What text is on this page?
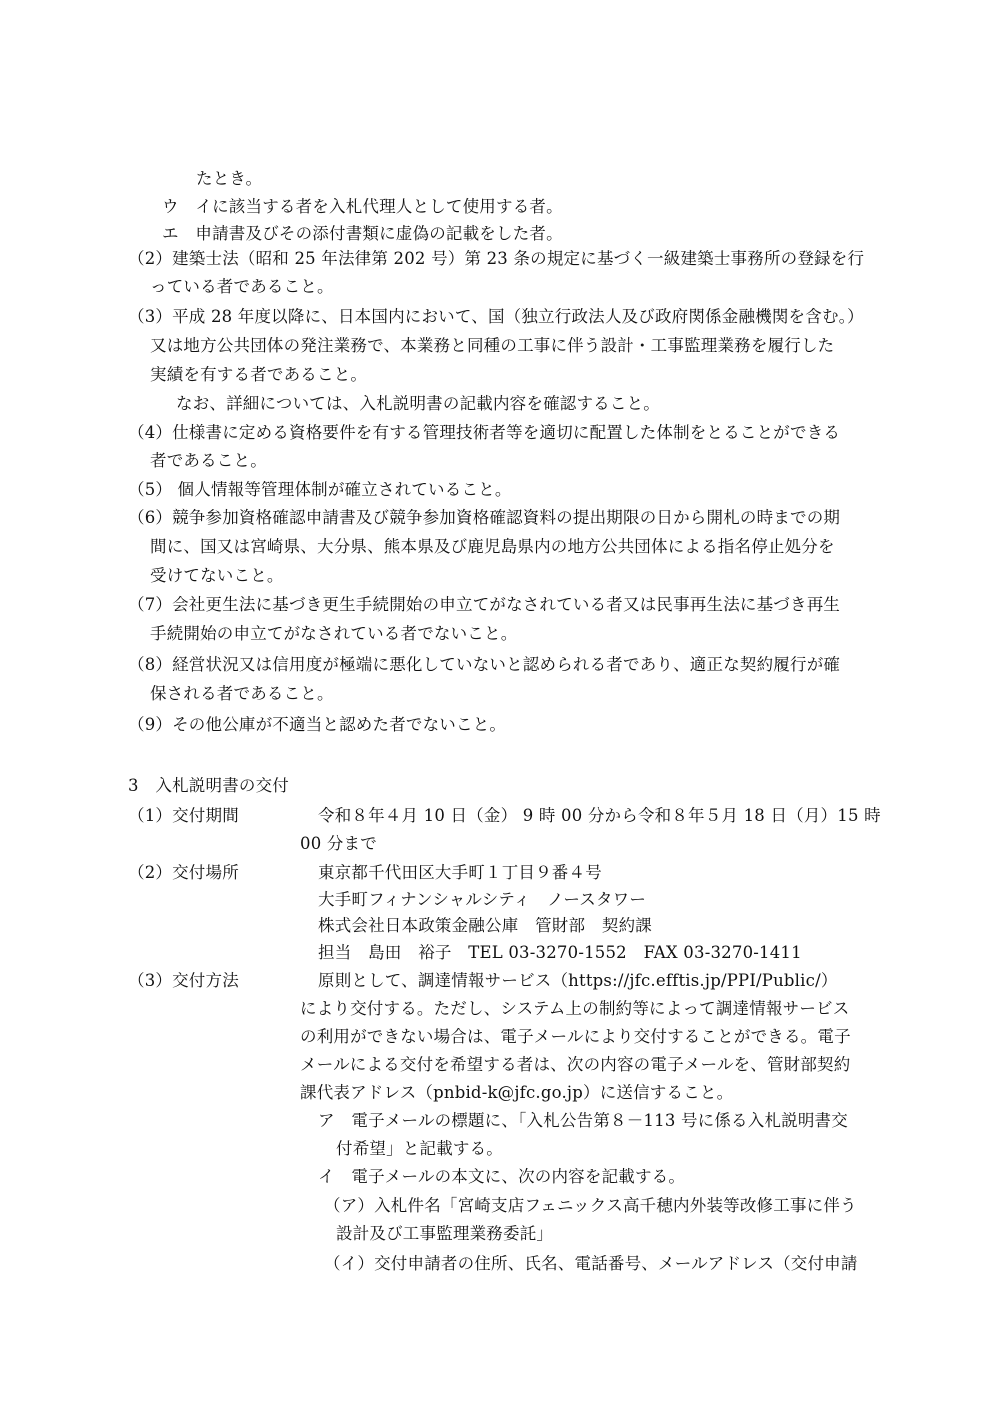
たとき。
ウ　イに該当する者を入札代理人として使用する者。
エ　申請書及びその添付書類に虚偽の記載をした者。
（2）建築士法（昭和 25 年法律第 202 号）第 23 条の規定に基づく一級建築士事務所の登録を行
っている者であること。
（3）平成 28 年度以降に、日本国内において、国（独立行政法人及び政府関係金融機関を含む。）
又は地方公共団体の発注業務で、本業務と同種の工事に伴う設計・工事監理業務を履行した
実績を有する者であること。
なお、詳細については、入札説明書の記載内容を確認すること。
（4）仕様書に定める資格要件を有する管理技術者等を適切に配置した体制をとることができる
者であること。
（5） 個人情報等管理体制が確立されていること。
（6）競争参加資格確認申請書及び競争参加資格確認資料の提出期限の日から開札の時までの期
間に、国又は宮崎県、大分県、熊本県及び鹿児島県内の地方公共団体による指名停止処分を
受けてないこと。
（7）会社更生法に基づき更生手続開始の申立てがなされている者又は民事再生法に基づき再生
手続開始の申立てがなされている者でないこと。
（8）経営状況又は信用度が極端に悪化していないと認められる者であり、適正な契約履行が確
保される者であること。
（9）その他公庫が不適当と認めた者でないこと。
3　入札説明書の交付
（1）交付期間	令和８年４月 10 日（金） 9 時 00 分から令和８年５月 18 日（月）15 時
00 分まで
（2）交付場所	東京都千代田区大手町１丁目９番４号
大手町フィナンシャルシティ　ノースタワー
株式会社日本政策金融公庫　管財部　契約課
担当　島田　裕子　TEL 03-3270-1552　FAX 03-3270-1411
（3）交付方法	原則として、調達情報サービス（https://jfc.efftis.jp/PPI/Public/）
により交付する。ただし、システム上の制約等によって調達情報サービス
の利用ができない場合は、電子メールにより交付することができる。電子
メールによる交付を希望する者は、次の内容の電子メールを、管財部契約
課代表アドレス（pnbid-k@jfc.go.jp）に送信すること。
ア　電子メールの標題に、「入札公告第８－113 号に係る入札説明書交
付希望」と記載する。
イ　電子メールの本文に、次の内容を記載する。
（ア）入札件名「宮崎支店フェニックス高千穂内外装等改修工事に伴う
設計及び工事監理業務委託」
（イ）交付申請者の住所、氏名、電話番号、メールアドレス（交付申請
